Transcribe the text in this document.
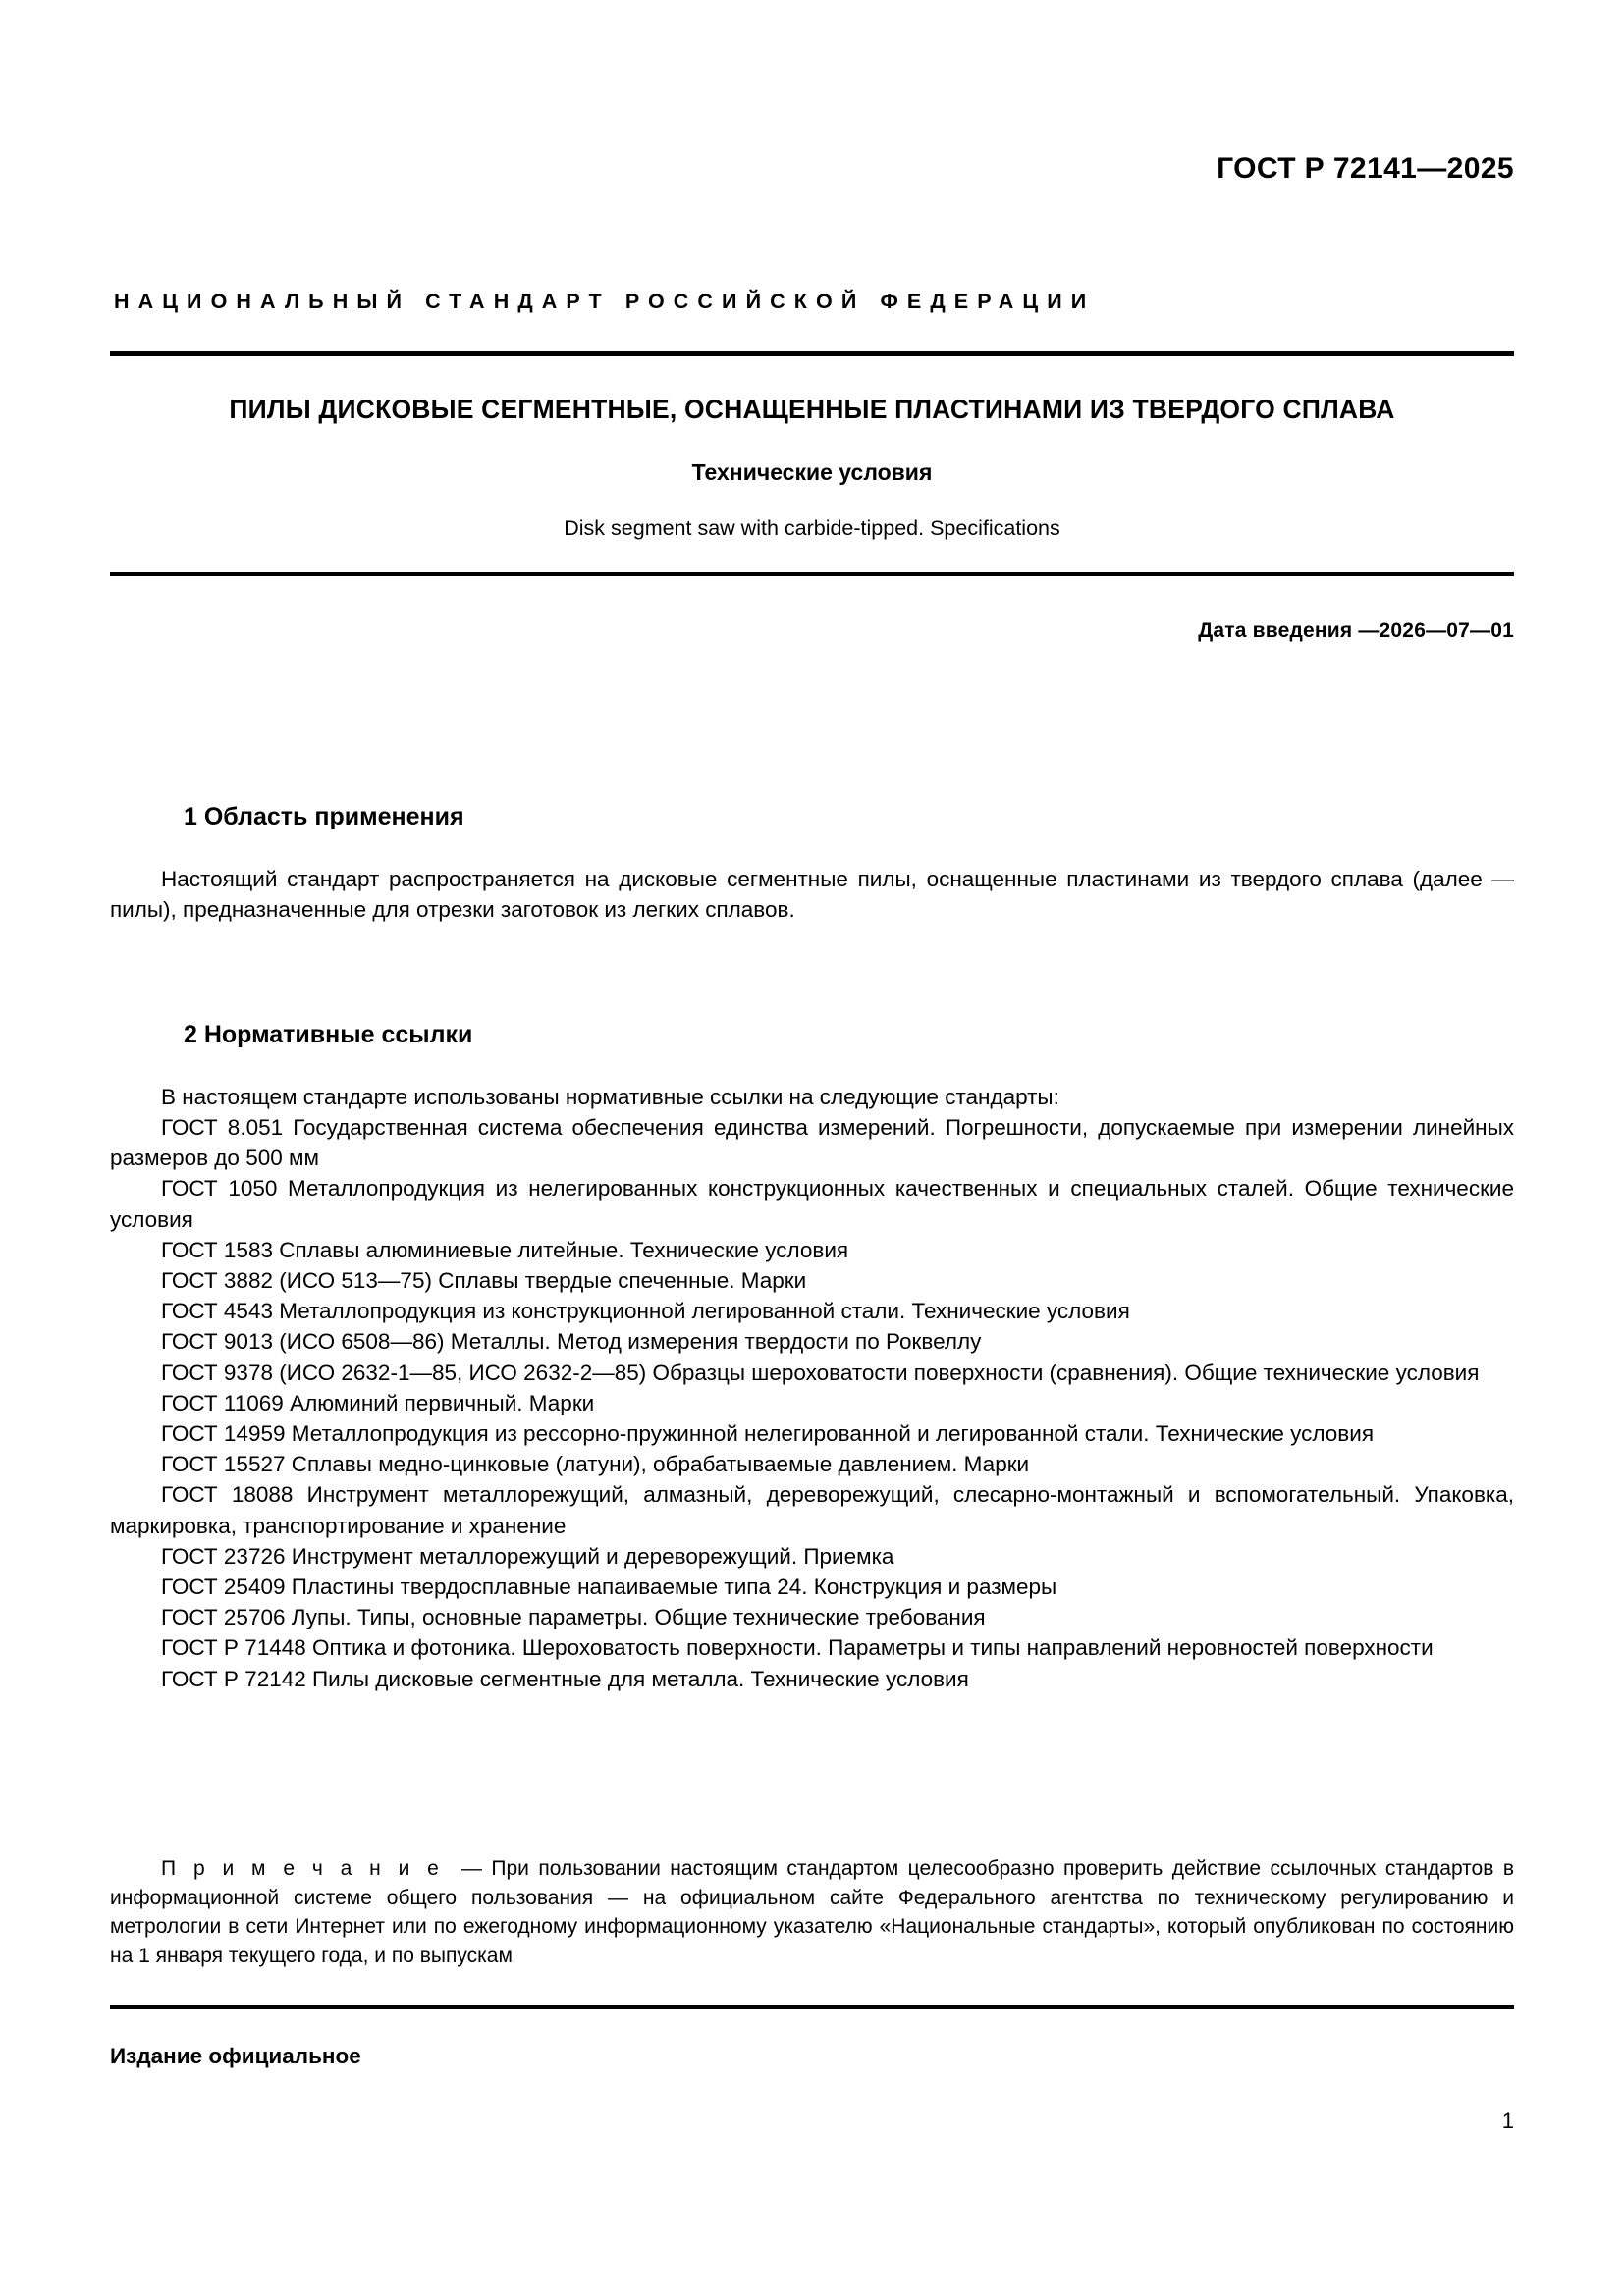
ГОСТ Р 72141—2025
НАЦИОНАЛЬНЫЙ СТАНДАРТ РОССИЙСКОЙ ФЕДЕРАЦИИ
ПИЛЫ ДИСКОВЫЕ СЕГМЕНТНЫЕ, ОСНАЩЕННЫЕ ПЛАСТИНАМИ ИЗ ТВЕРДОГО СПЛАВА
Технические условия
Disk segment saw with carbide-tipped. Specifications
Дата введения —2026—07—01
1 Область применения

Настоящий стандарт распространяется на дисковые сегментные пилы, оснащенные пластинами из твердого сплава (далее — пилы), предназначенные для отрезки заготовок из легких сплавов.

2 Нормативные ссылки

В настоящем стандарте использованы нормативные ссылки на следующие стандарты:

ГОСТ 8.051 Государственная система обеспечения единства измерений. Погрешности, допускаемые при измерении линейных размеров до 500 мм

ГОСТ 1050 Металлопродукция из нелегированных конструкционных качественных и специальных сталей. Общие технические условия

ГОСТ 1583 Сплавы алюминиевые литейные. Технические условия

ГОСТ 3882 (ИСО 513—75) Сплавы твердые спеченные. Марки

ГОСТ 4543 Металлопродукция из конструкционной легированной стали. Технические условия

ГОСТ 9013 (ИСО 6508—86) Металлы. Метод измерения твердости по Роквеллу

ГОСТ 9378 (ИСО 2632-1—85, ИСО 2632-2—85) Образцы шероховатости поверхности (сравнения). Общие технические условия

ГОСТ 11069 Алюминий первичный. Марки

ГОСТ 14959 Металлопродукция из рессорно-пружинной нелегированной и легированной стали. Технические условия

ГОСТ 15527 Сплавы медно-цинковые (латуни), обрабатываемые давлением. Марки

ГОСТ 18088 Инструмент металлорежущий, алмазный, дереворежущий, слесарно-монтажный и вспомогательный. Упаковка, маркировка, транспортирование и хранение

ГОСТ 23726 Инструмент металлорежущий и дереворежущий. Приемка

ГОСТ 25409 Пластины твердосплавные напаиваемые типа 24. Конструкция и размеры

ГОСТ 25706 Лупы. Типы, основные параметры. Общие технические требования

ГОСТ Р 71448 Оптика и фотоника. Шероховатость поверхности. Параметры и типы направлений неровностей поверхности

ГОСТ Р 72142 Пилы дисковые сегментные для металла. Технические условия

П р и м е ч а н и е — При пользовании настоящим стандартом целесообразно проверить действие ссылочных стандартов в информационной системе общего пользования — на официальном сайте Федерального агентства по техническому регулированию и метрологии в сети Интернет или по ежегодному информационному указателю «Национальные стандарты», который опубликован по состоянию на 1 января текущего года, и по выпускам

Издание официальное
1
